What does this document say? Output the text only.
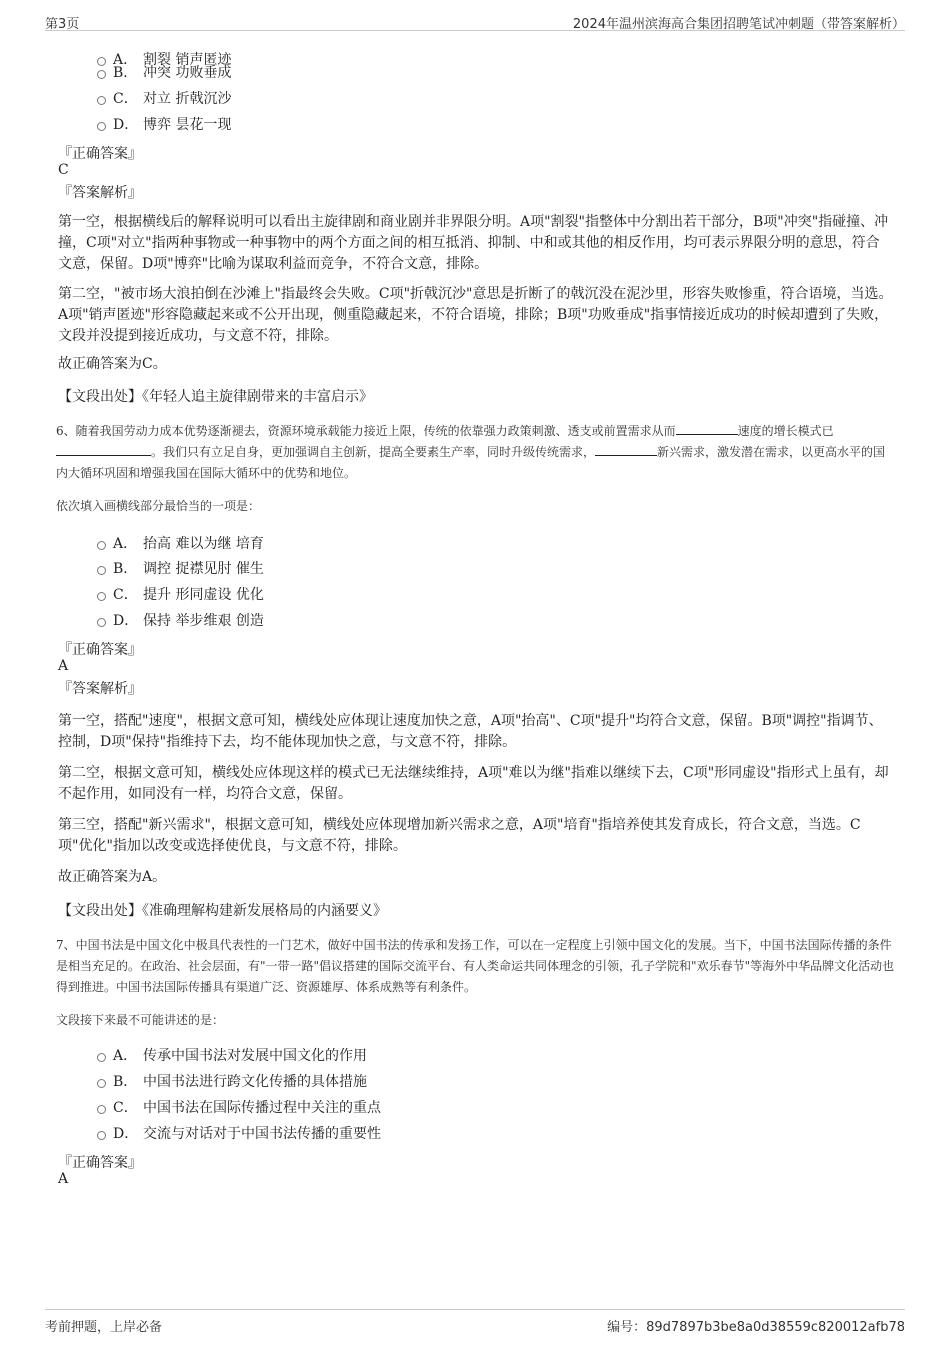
第3页	2024年温州滨海高合集团招聘笔试冲刺题（带答案解析）
A． 割裂 销声匿迹
B． 冲突 功败垂成
C． 对立 折戟沉沙
D． 博弈 昙花一现
『正确答案』
C
『答案解析』
第一空，根据横线后的解释说明可以看出主旋律剧和商业剧并非界限分明。A项"割裂"指整体中分割出若干部分，B项"冲突"指碰撞、冲撞，C项"对立"指两种事物或一种事物中的两个方面之间的相互抵消、抑制、中和或其他的相反作用，均可表示界限分明的意思，符合文意，保留。D项"博弈"比喻为谋取利益而竞争，不符合文意，排除。
第二空，"被市场大浪拍倒在沙滩上"指最终会失败。C项"折戟沉沙"意思是折断了的戟沉没在泥沙里，形容失败惨重，符合语境，当选。A项"销声匿迹"形容隐藏起来或不公开出现，侧重隐藏起来，不符合语境，排除；B项"功败垂成"指事情接近成功的时候却遭到了失败，文段并没提到接近成功，与文意不符，排除。
故正确答案为C。
【文段出处】《年轻人追主旋律剧带来的丰富启示》
6、随着我国劳动力成本优势逐渐褪去，资源环境承载能力接近上限，传统的依靠强力政策刺激、透支或前置需求从而	速度的增长模式已。我们只有立足自身，更加强调自主创新，提高全要素生产率，同时升级传统需求，	新兴需求，激发潜在需求，以更高水平的国内大循环巩固和增强我国在国际大循环中的优势和地位。
依次填入画横线部分最恰当的一项是：
A． 抬高 难以为继 培育
B． 调控 捉襟见肘 催生
C． 提升 形同虚设 优化
D． 保持 举步维艰 创造
『正确答案』
A
『答案解析』
第一空，搭配"速度"，根据文意可知，横线处应体现让速度加快之意，A项"抬高"、C项"提升"均符合文意，保留。B项"调控"指调节、控制，D项"保持"指维持下去，均不能体现加快之意，与文意不符，排除。
第二空，根据文意可知，横线处应体现这样的模式已无法继续维持，A项"难以为继"指难以继续下去，C项"形同虚设"指形式上虽有，却不起作用，如同没有一样，均符合文意，保留。
第三空，搭配"新兴需求"，根据文意可知，横线处应体现增加新兴需求之意，A项"培育"指培养使其发育成长，符合文意，当选。C项"优化"指加以改变或选择使优良，与文意不符，排除。
故正确答案为A。
【文段出处】《准确理解构建新发展格局的内涵要义》
7、中国书法是中国文化中极具代表性的一门艺术，做好中国书法的传承和发扬工作，可以在一定程度上引领中国文化的发展。当下，中国书法国际传播的条件是相当充足的。在政治、社会层面，有"一带一路"倡议搭建的国际交流平台、有人类命运共同体理念的引领，孔子学院和"欢乐春节"等海外中华品牌文化活动也得到推进。中国书法国际传播具有渠道广泛、资源雄厚、体系成熟等有利条件。
文段接下来最不可能讲述的是：
A． 传承中国书法对发展中国文化的作用
B． 中国书法进行跨文化传播的具体措施
C． 中国书法在国际传播过程中关注的重点
D． 交流与对话对于中国书法传播的重要性
『正确答案』
A
考前押题，上岸必备	编号：89d7897b3be8a0d38559c820012afb78
